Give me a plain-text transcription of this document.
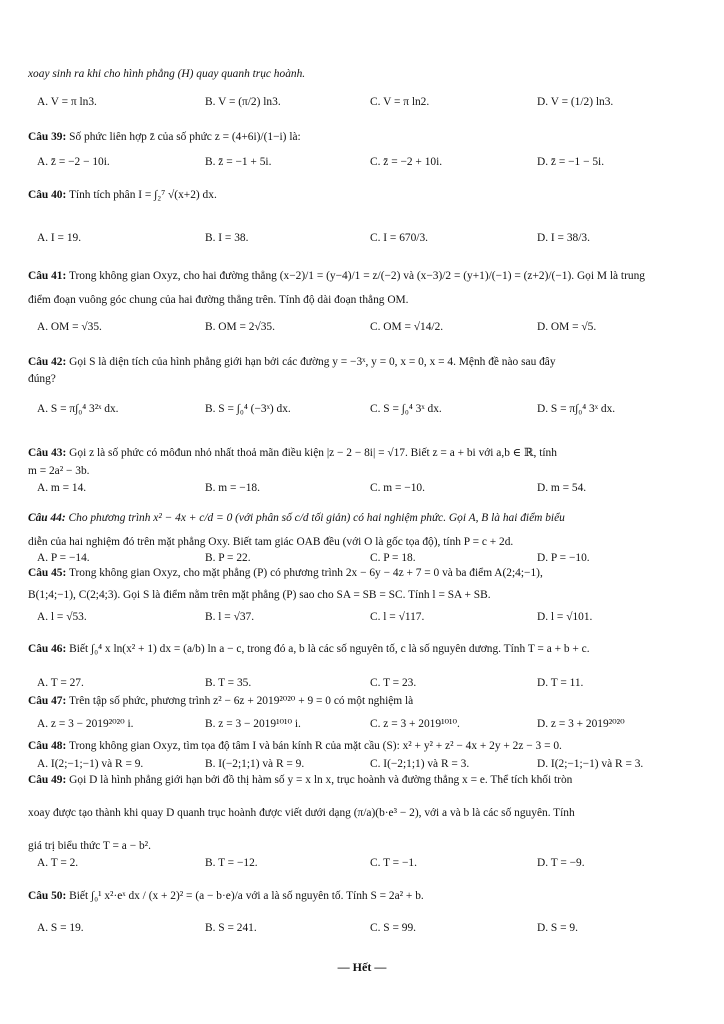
xoay sinh ra khi cho hình phẳng (H) quay quanh trục hoành.
A. V = π ln3.	B. V = (π/2) ln3.	C. V = π ln2.	D. V = (1/2) ln3.
Câu 39: Số phức liên hợp z̄ của số phức z = (4+6i)/(1−i) là:
A. z̄ = −2 − 10i.	B. z̄ = −1 + 5i.	C. z̄ = −2 + 10i.	D. z̄ = −1 − 5i.
Câu 40: Tính tích phân I = ∫₂⁷ √(x+2) dx.
A. I = 19.	B. I = 38.	C. I = 670/3.	D. I = 38/3.
Câu 41: Trong không gian Oxyz, cho hai đường thẳng (x−2)/1 = (y−4)/1 = z/(−2) và (x−3)/2 = (y+1)/(−1) = (z+2)/(−1). Gọi M là trung
điểm đoạn vuông góc chung của hai đường thẳng trên. Tính độ dài đoạn thẳng OM.
A. OM = √35.	B. OM = 2√35.	C. OM = √14/2.	D. OM = √5.
Câu 42: Gọi S là diện tích của hình phẳng giới hạn bởi các đường y = −3ˣ, y = 0, x = 0, x = 4. Mệnh đề nào sau đây
đúng?
A. S = π∫₀⁴ 3²ˣ dx.	B. S = ∫₀⁴ (−3ˣ) dx.	C. S = ∫₀⁴ 3ˣ dx.	D. S = π∫₀⁴ 3ˣ dx.
Câu 43: Gọi z là số phức có môđun nhỏ nhất thoả mãn điều kiện |z − 2 − 8i| = √17. Biết z = a + bi với a,b ∈ ℝ, tính
m = 2a² − 3b.
A. m = 14.	B. m = −18.	C. m = −10.	D. m = 54.
Câu 44: Cho phương trình x² − 4x + c/d = 0 (với phân số c/d tối giản) có hai nghiệm phức. Gọi A, B là hai điểm biểu
diễn của hai nghiệm đó trên mặt phẳng Oxy. Biết tam giác OAB đều (với O là gốc tọa độ), tính P = c + 2d.
A. P = −14.	B. P = 22.	C. P = 18.	D. P = −10.
Câu 45: Trong không gian Oxyz, cho mặt phẳng (P) có phương trình 2x − 6y − 4z + 7 = 0 và ba điểm A(2;4;−1),
B(1;4;−1), C(2;4;3). Gọi S là điểm nằm trên mặt phẳng (P) sao cho SA = SB = SC. Tính l = SA + SB.
A. l = √53.	B. l = √37.	C. l = √117.	D. l = √101.
Câu 46: Biết ∫₀⁴ x ln(x² + 1) dx = (a/b) ln a − c, trong đó a, b là các số nguyên tố, c là số nguyên dương. Tính T = a + b + c.
A. T = 27.	B. T = 35.	C. T = 23.	D. T = 11.
Câu 47: Trên tập số phức, phương trình z² − 6z + 2019²⁰²⁰ + 9 = 0 có một nghiệm là
A. z = 3 − 2019²⁰²⁰ i.	B. z = 3 − 2019¹⁰¹⁰ i.	C. z = 3 + 2019¹⁰¹⁰.	D. z = 3 + 2019²⁰²⁰
Câu 48: Trong không gian Oxyz, tìm tọa độ tâm I và bán kính R của mặt cầu (S): x² + y² + z² − 4x + 2y + 2z − 3 = 0.
A. I(2;−1;−1) và R = 9.	B. I(−2;1;1) và R = 9.	C. I(−2;1;1) và R = 3.	D. I(2;−1;−1) và R = 3.
Câu 49: Gọi D là hình phẳng giới hạn bởi đồ thị hàm số y = x ln x, trục hoành và đường thẳng x = e. Thể tích khối tròn
xoay được tạo thành khi quay D quanh trục hoành được viết dưới dạng (π/a)(b·e³ − 2), với a và b là các số nguyên. Tính
giá trị biểu thức T = a − b².
A. T = 2.	B. T = −12.	C. T = −1.	D. T = −9.
Câu 50: Biết ∫₀¹ x²·eˣ dx / (x + 2)² = (a − b·e)/a với a là số nguyên tố. Tính S = 2a² + b.
A. S = 19.	B. S = 241.	C. S = 99.	D. S = 9.
— Hết —
